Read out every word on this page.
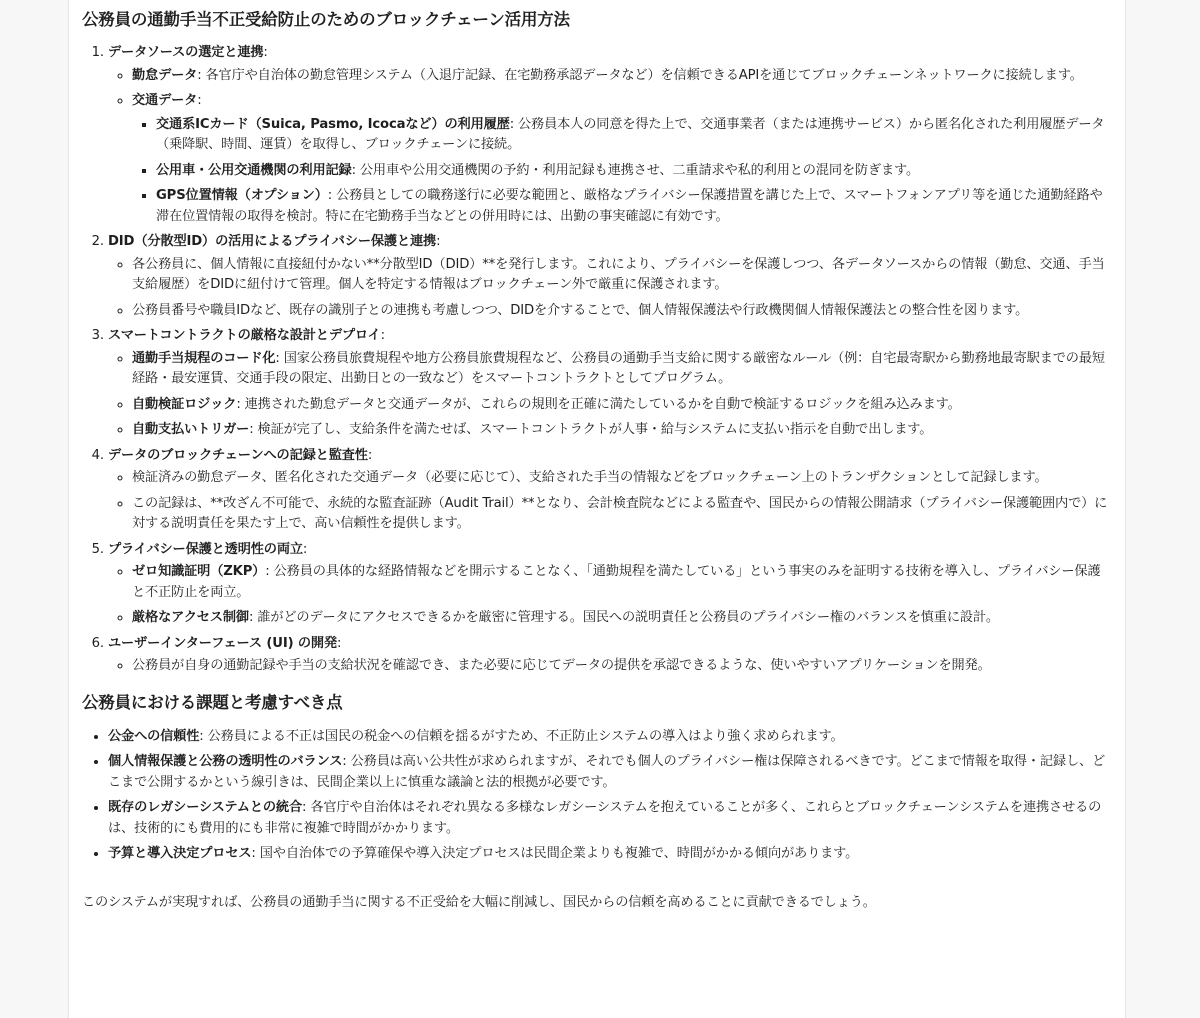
公務員の通勤手当不正受給防止のためのブロックチェーン活用方法
1. データソースの選定と連携:
◦ 勤怠データ: 各官庁や自治体の勤怠管理システム（入退庁記録、在宅勤務承認データなど）を信頼できるAPIを通じてブロックチェーンネットワークに接続します。
◦ 交通データ:
▪ 交通系ICカード（Suica, Pasmo, Icocaなど）の利用履歴: 公務員本人の同意を得た上で、交通事業者（または連携サービス）から匿名化された利用履歴データ（乗降駅、時間、運賃）を取得し、ブロックチェーンに接続。
▪ 公用車・公用交通機関の利用記録: 公用車や公用交通機関の予約・利用記録も連携させ、二重請求や私的利用との混同を防ぎます。
▪ GPS位置情報（オプション）: 公務員としての職務遂行に必要な範囲と、厳格なプライバシー保護措置を講じた上で、スマートフォンアプリ等を通じた通勤経路や滞在位置情報の取得を検討。特に在宅勤務手当などとの併用時には、出勤の事実確認に有効です。
2. DID（分散型ID）の活用によるプライバシー保護と連携:
◦ 各公務員に、個人情報に直接紐付かない**分散型ID（DID）**を発行します。これにより、プライバシーを保護しつつ、各データソースからの情報（勤怠、交通、手当支給履歴）をDIDに紐付けて管理。個人を特定する情報はブロックチェーン外で厳重に保護されます。
◦ 公務員番号や職員IDなど、既存の識別子との連携も考慮しつつ、DIDを介することで、個人情報保護法や行政機関個人情報保護法との整合性を図ります。
3. スマートコントラクトの厳格な設計とデプロイ:
◦ 通勤手当規程のコード化: 国家公務員旅費規程や地方公務員旅費規程など、公務員の通勤手当支給に関する厳密なルール（例：自宅最寄駅から勤務地最寄駅までの最短経路・最安運賃、交通手段の限定、出勤日との一致など）をスマートコントラクトとしてプログラム。
◦ 自動検証ロジック: 連携された勤怠データと交通データが、これらの規則を正確に満たしているかを自動で検証するロジックを組み込みます。
◦ 自動支払いトリガー: 検証が完了し、支給条件を満たせば、スマートコントラクトが人事・給与システムに支払い指示を自動で出します。
4. データのブロックチェーンへの記録と監査性:
◦ 検証済みの勤怠データ、匿名化された交通データ（必要に応じて）、支給された手当の情報などをブロックチェーン上のトランザクションとして記録します。
◦ この記録は、**改ざん不可能で、永続的な監査証跡（Audit Trail）**となり、会計検査院などによる監査や、国民からの情報公開請求（プライバシー保護範囲内で）に対する説明責任を果たす上で、高い信頼性を提供します。
5. プライバシー保護と透明性の両立:
◦ ゼロ知識証明（ZKP）: 公務員の具体的な経路情報などを開示することなく、「通勤規程を満たしている」という事実のみを証明する技術を導入し、プライバシー保護と不正防止を両立。
◦ 厳格なアクセス制御: 誰がどのデータにアクセスできるかを厳密に管理する。国民への説明責任と公務員のプライバシー権のバランスを慎重に設計。
6. ユーザーインターフェース (UI) の開発:
◦ 公務員が自身の通勤記録や手当の支給状況を確認でき、また必要に応じてデータの提供を承認できるような、使いやすいアプリケーションを開発。
公務員における課題と考慮すべき点
• 公金への信頼性: 公務員による不正は国民の税金への信頼を揺るがすため、不正防止システムの導入はより強く求められます。
• 個人情報保護と公務の透明性のバランス: 公務員は高い公共性が求められますが、それでも個人のプライバシー権は保障されるべきです。どこまで情報を取得・記録し、どこまで公開するかという線引きは、民間企業以上に慎重な議論と法的根拠が必要です。
• 既存のレガシーシステムとの統合: 各官庁や自治体はそれぞれ異なる多様なレガシーシステムを抱えていることが多く、これらとブロックチェーンシステムを連携させるのは、技術的にも費用的にも非常に複雑で時間がかかります。
• 予算と導入決定プロセス: 国や自治体での予算確保や導入決定プロセスは民間企業よりも複雑で、時間がかかる傾向があります。

このシステムが実現すれば、公務員の通勤手当に関する不正受給を大幅に削減し、国民からの信頼を高めることに貢献できるでしょう。
